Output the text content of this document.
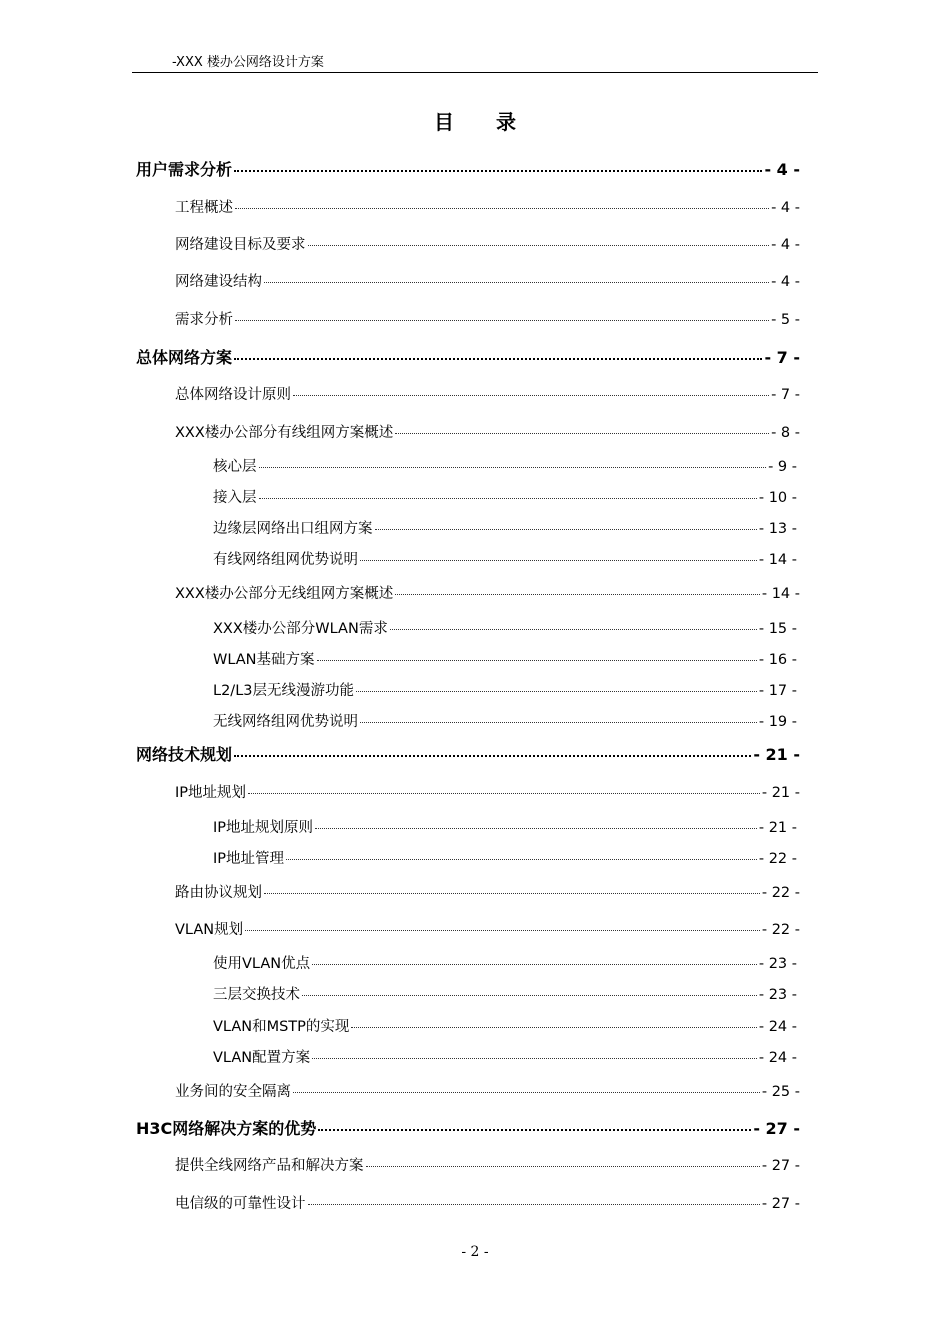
-XXX 楼办公网络设计方案
目录
用户需求分析	- 4 -
工程概述	- 4 -
网络建设目标及要求	- 4 -
网络建设结构	- 4 -
需求分析	- 5 -
总体网络方案	- 7 -
总体网络设计原则	- 7 -
XXX楼办公部分有线组网方案概述	- 8 -
核心层	- 9 -
接入层	- 10 -
边缘层网络出口组网方案	- 13 -
有线网络组网优势说明	- 14 -
XXX楼办公部分无线组网方案概述	- 14 -
XXX楼办公部分WLAN需求	- 15 -
WLAN基础方案	- 16 -
L2/L3层无线漫游功能	- 17 -
无线网络组网优势说明	- 19 -
网络技术规划	- 21 -
IP地址规划	- 21 -
IP地址规划原则	- 21 -
IP地址管理	- 22 -
路由协议规划	- 22 -
VLAN规划	- 22 -
使用VLAN优点	- 23 -
三层交换技术	- 23 -
VLAN和MSTP的实现	- 24 -
VLAN配置方案	- 24 -
业务间的安全隔离	- 25 -
H3C网络解决方案的优势	- 27 -
提供全线网络产品和解决方案	- 27 -
电信级的可靠性设计	- 27 -
- 2 -
